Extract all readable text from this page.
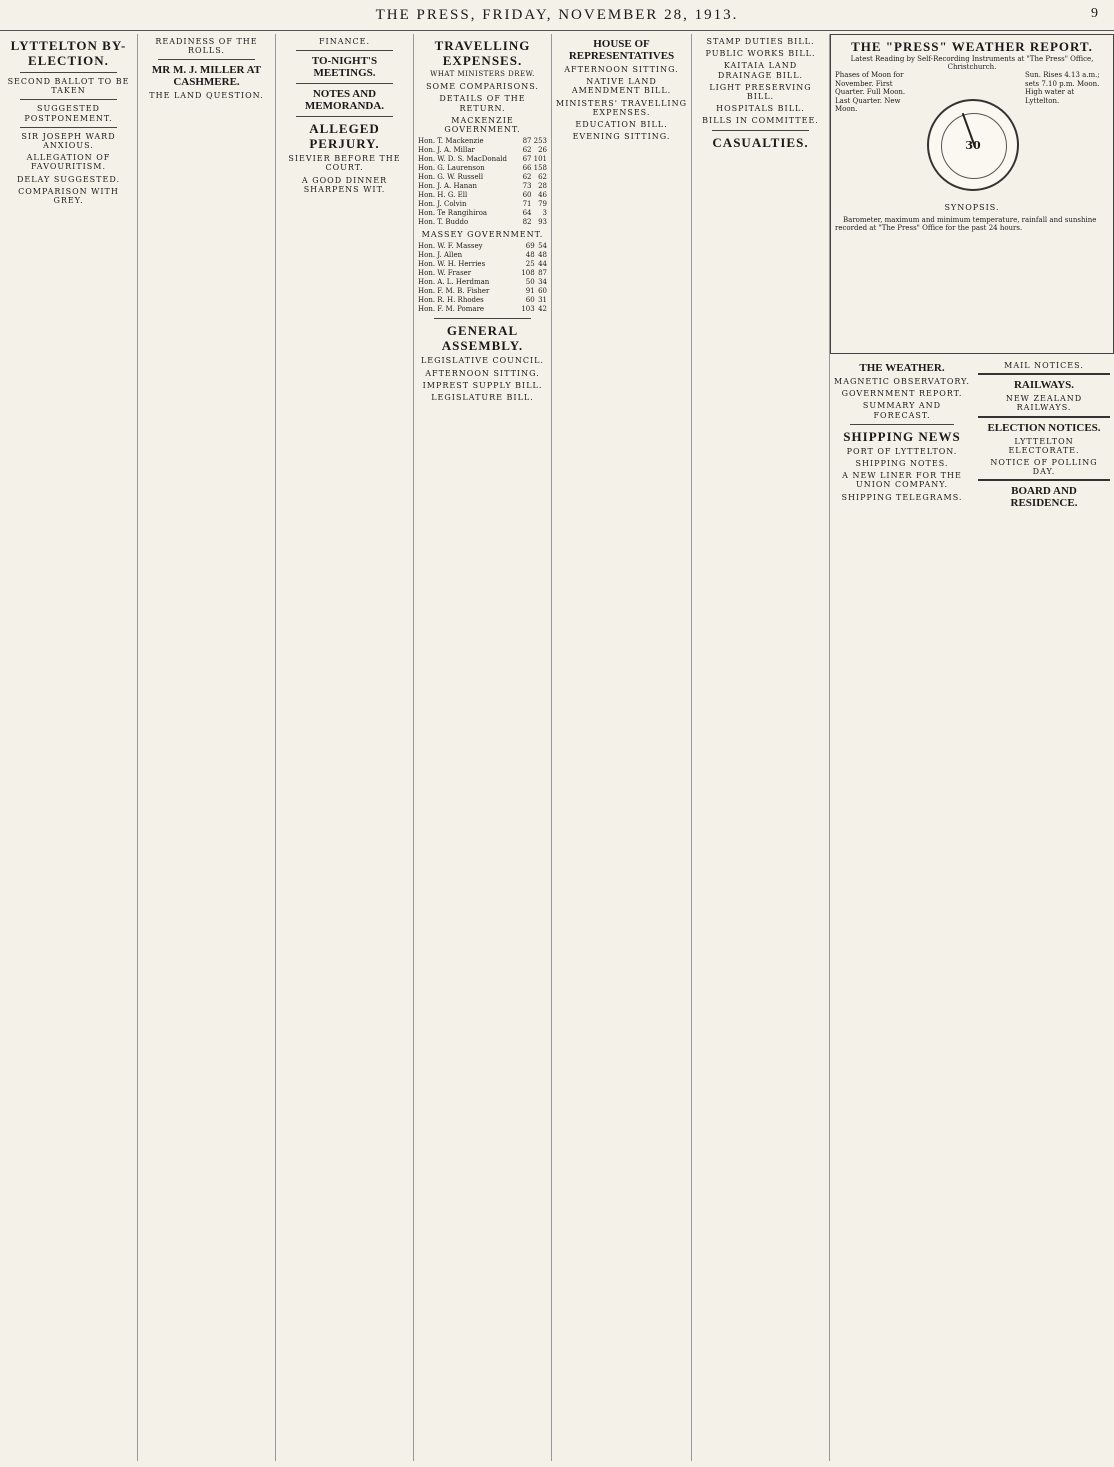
THE PRESS, FRIDAY, NOVEMBER 28, 1913.	9
LYTTELTON BY-ELECTION.
SECOND BALLOT TO BE TAKEN
SUGGESTED POSTPONEMENT.
SIR JOSEPH WARD ANXIOUS.
ALLEGATION OF FAVOURITISM.
DELAY SUGGESTED.
COMPARISON WITH GREY.
READINESS OF THE ROLLS.
MR M. J. MILLER AT CASHMERE.
THE LAND QUESTION.
FINANCE.
TO-NIGHT'S MEETINGS.
NOTES AND MEMORANDA.
ALLEGED PERJURY.
SIEVIER BEFORE THE COURT.
A GOOD DINNER SHARPENS WIT.
TRAVELLING EXPENSES.
WHAT MINISTERS DREW.
SOME COMPARISONS.
DETAILS OF THE RETURN.
MACKENZIE GOVERNMENT.
Hon. T. Mackenzie	87	253
Hon. J. A. Millar	62	26
Hon. W. D. S. MacDonald	67	101
Hon. G. Laurenson	66	158
Hon. G. W. Russell	62	62
Hon. J. A. Hanan	73	28
Hon. H. G. Ell	60	46
Hon. J. Colvin	71	79
Hon. Te Rangihiroa	64	3
Hon. T. Buddo	82	93
MASSEY GOVERNMENT.
Hon. W. F. Massey	69	54
Hon. J. Allen	48	48
Hon. W. H. Herries	25	44
Hon. W. Fraser	108	87
Hon. A. L. Herdman	50	34
Hon. F. M. B. Fisher	91	60
Hon. R. H. Rhodes	60	31
Hon. F. M. Pomare	103	42
GENERAL ASSEMBLY.
LEGISLATIVE COUNCIL.
AFTERNOON SITTING.
IMPREST SUPPLY BILL.
LEGISLATURE BILL.
HOUSE OF REPRESENTATIVES
AFTERNOON SITTING.
NATIVE LAND AMENDMENT BILL.
MINISTERS' TRAVELLING EXPENSES.
EDUCATION BILL.
EVENING SITTING.
STAMP DUTIES BILL.
PUBLIC WORKS BILL.
KAITAIA LAND DRAINAGE BILL.
LIGHT PRESERVING BILL.
HOSPITALS BILL.
BILLS IN COMMITTEE.
CASUALTIES.
THE "PRESS" WEATHER REPORT.
Latest Reading by Self-Recording Instruments at "The Press" Office, Christchurch.
Phases of Moon for November. First Quarter. Full Moon. Last Quarter. New Moon.
30
Sun. Rises 4.13 a.m.; sets 7.10 p.m. Moon. High water at Lyttelton.
SYNOPSIS.
Barometer, maximum and minimum temperature, rainfall and sunshine recorded at "The Press" Office for the past 24 hours.
THE WEATHER.
MAGNETIC OBSERVATORY.
GOVERNMENT REPORT.
SUMMARY AND FORECAST.
SHIPPING NEWS
PORT OF LYTTELTON.
SHIPPING NOTES.
A NEW LINER FOR THE UNION COMPANY.
SHIPPING TELEGRAMS.
MAIL NOTICES.
RAILWAYS.
NEW ZEALAND RAILWAYS.
ELECTION NOTICES.
LYTTELTON ELECTORATE.
NOTICE OF POLLING DAY.
BOARD AND RESIDENCE.
